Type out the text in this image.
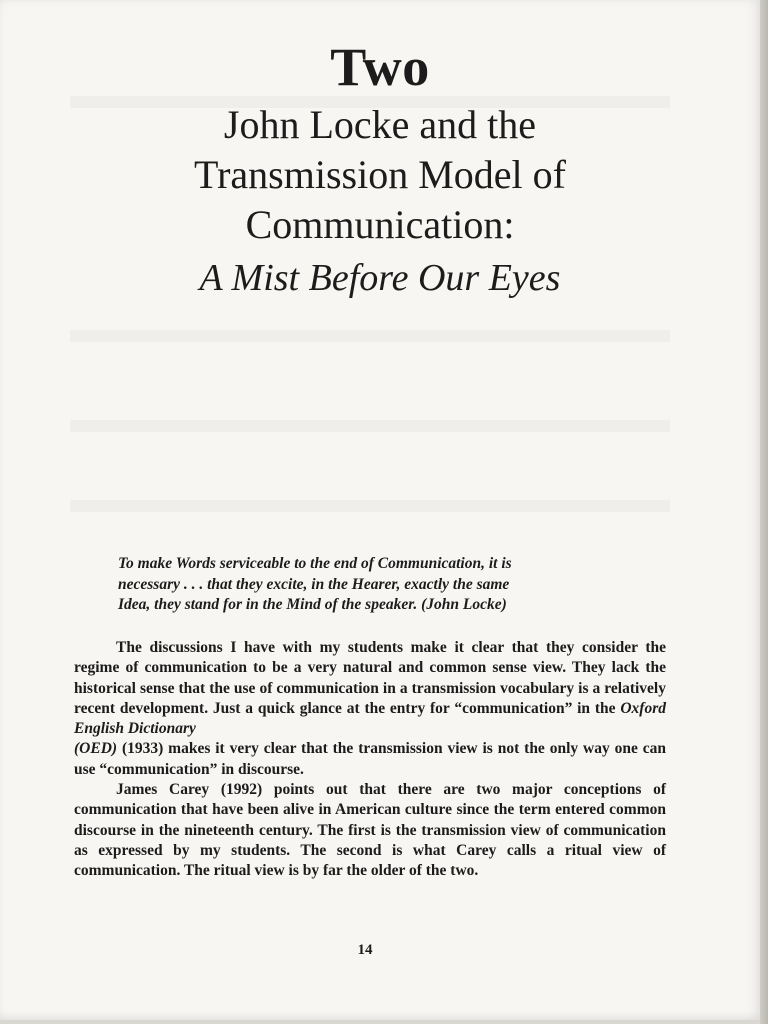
Two
John Locke and the
Transmission Model of
Communication:
A Mist Before Our Eyes
To make Words serviceable to the end of Communication, it is
necessary . . . that they excite, in the Hearer, exactly the same
Idea, they stand for in the Mind of the speaker. (John Locke)

The discussions I have with my students make it clear that they consider the regime of communication to be a very natural and common sense view. They lack the historical sense that the use of communication in a transmission vocabulary is a relatively recent development. Just a quick glance at the entry for “communication” in the Oxford English Dictionary
(OED) (1933) makes it very clear that the transmission view is not the only way one can use “communication” in discourse.

James Carey (1992) points out that there are two major conceptions of communication that have been alive in American culture since the term entered common discourse in the nineteenth century. The first is the transmission view of communication as expressed by my students. The second is what Carey calls a ritual view of communication. The ritual view is by far the older of the two.

14
